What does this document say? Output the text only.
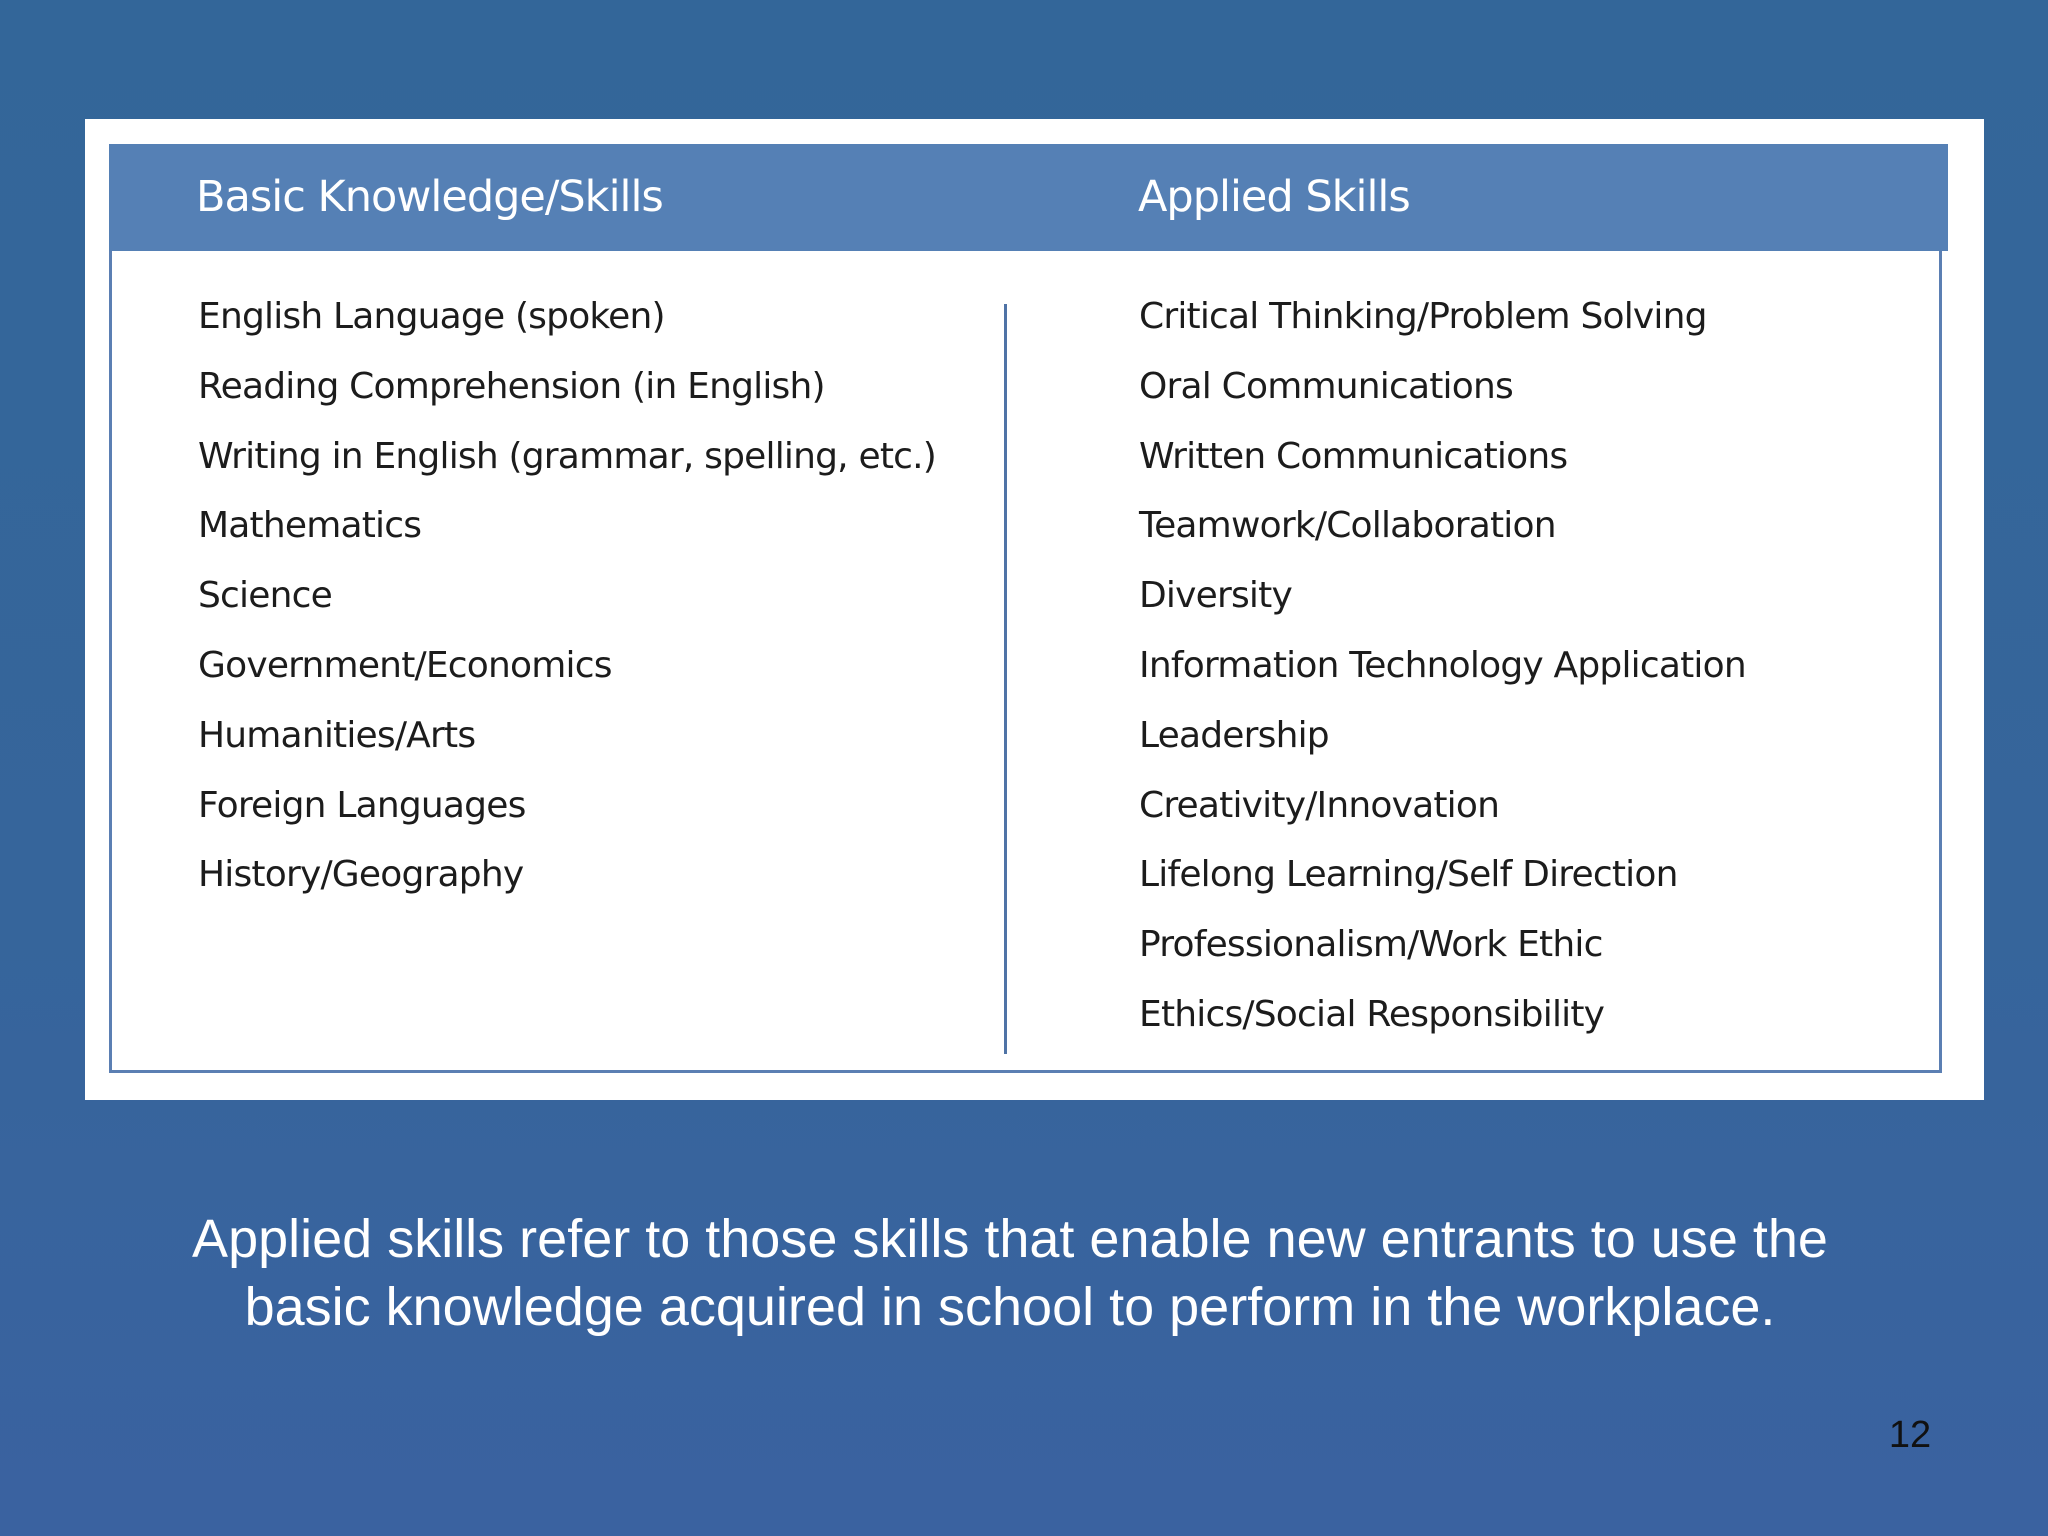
Basic Knowledge/Skills	Applied Skills
English Language (spoken)
Reading Comprehension (in English)
Writing in English (grammar, spelling, etc.)
Mathematics
Science
Government/Economics
Humanities/Arts
Foreign Languages
History/Geography
Critical Thinking/Problem Solving
Oral Communications
Written Communications
Teamwork/Collaboration
Diversity
Information Technology Application
Leadership
Creativity/Innovation
Lifelong Learning/Self Direction
Professionalism/Work Ethic
Ethics/Social Responsibility
Applied skills refer to those skills that enable new entrants to use the
basic knowledge acquired in school to perform in the workplace.
12
